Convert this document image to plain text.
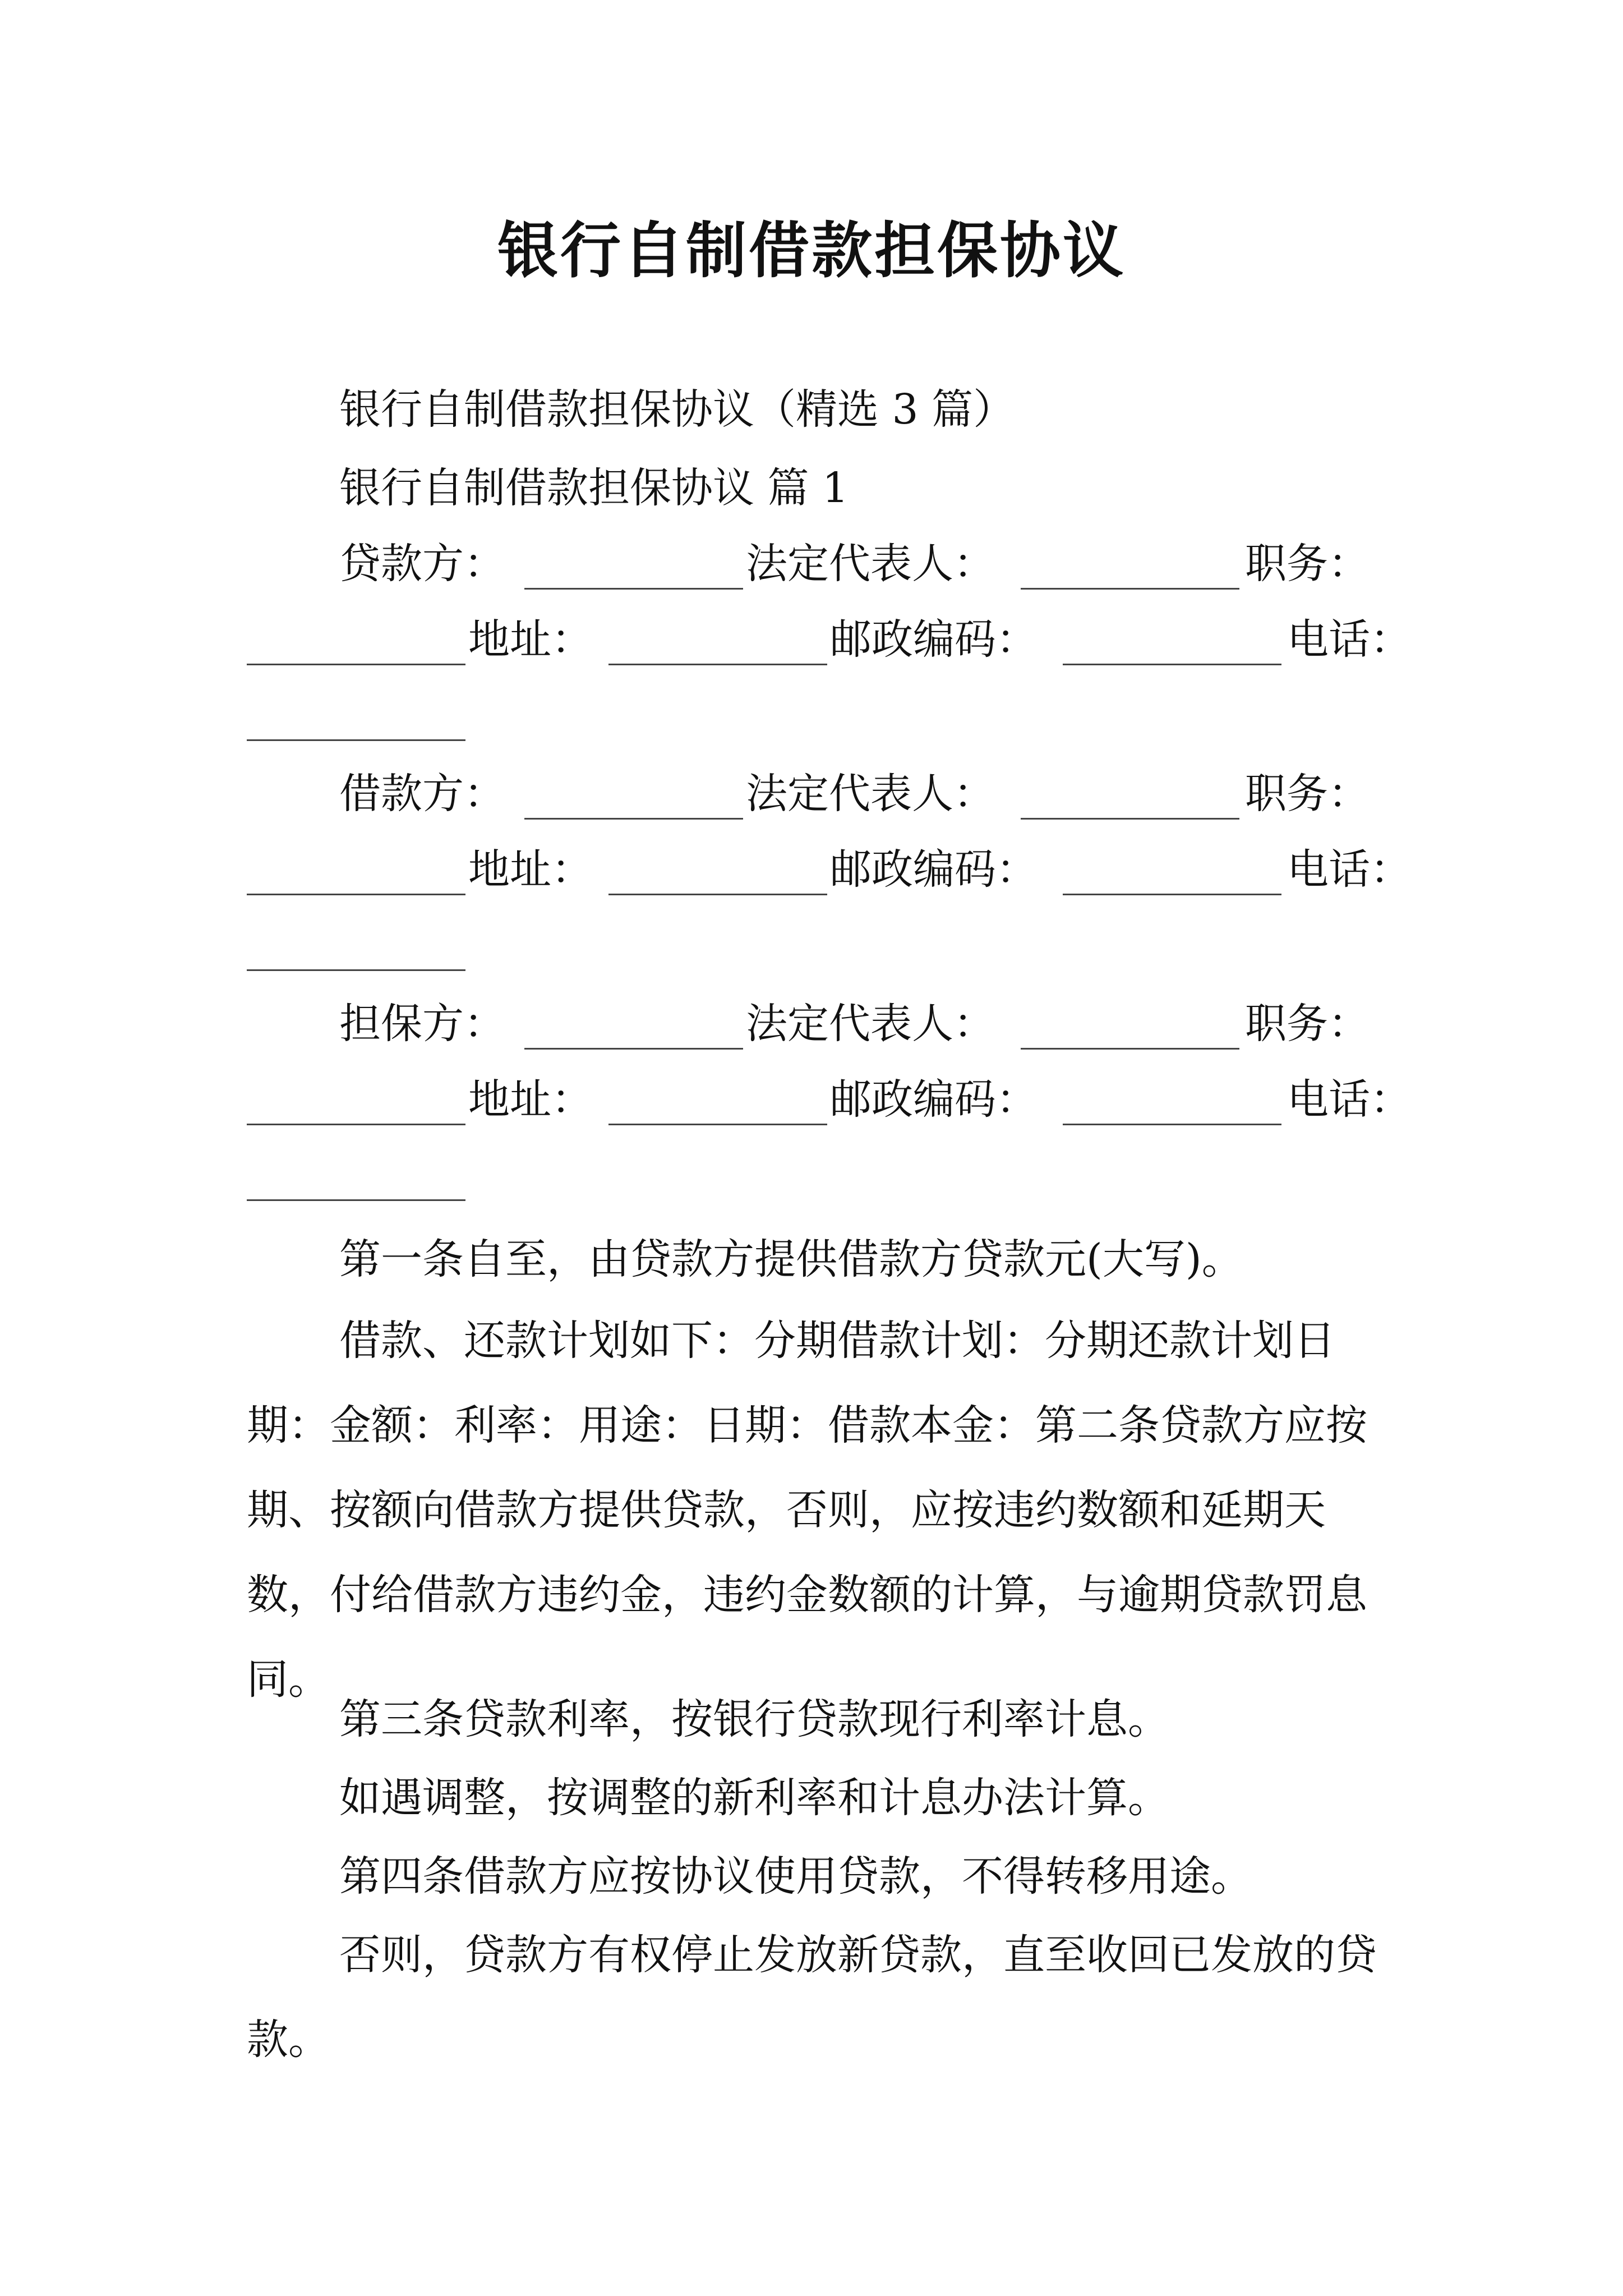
银行自制借款担保协议
银行自制借款担保协议（精选 3 篇）
银行自制借款担保协议 篇 1
贷款方：	法定代表人：	职务：
地址：	邮政编码：	电话：
借款方：	法定代表人：	职务：
地址：	邮政编码：	电话：
担保方：	法定代表人：	职务：
地址：	邮政编码：	电话：
第一条自至，由贷款方提供借款方贷款元(大写)。
借款、还款计划如下：分期借款计划：分期还款计划日期：金额：利率：用途：日期：借款本金：第二条贷款方应按期、按额向借款方提供贷款，否则，应按违约数额和延期天数，付给借款方违约金，违约金数额的计算，与逾期贷款罚息同。
第三条贷款利率，按银行贷款现行利率计息。
如遇调整，按调整的新利率和计息办法计算。
第四条借款方应按协议使用贷款，不得转移用途。
否则，贷款方有权停止发放新贷款，直至收回已发放的贷款。
